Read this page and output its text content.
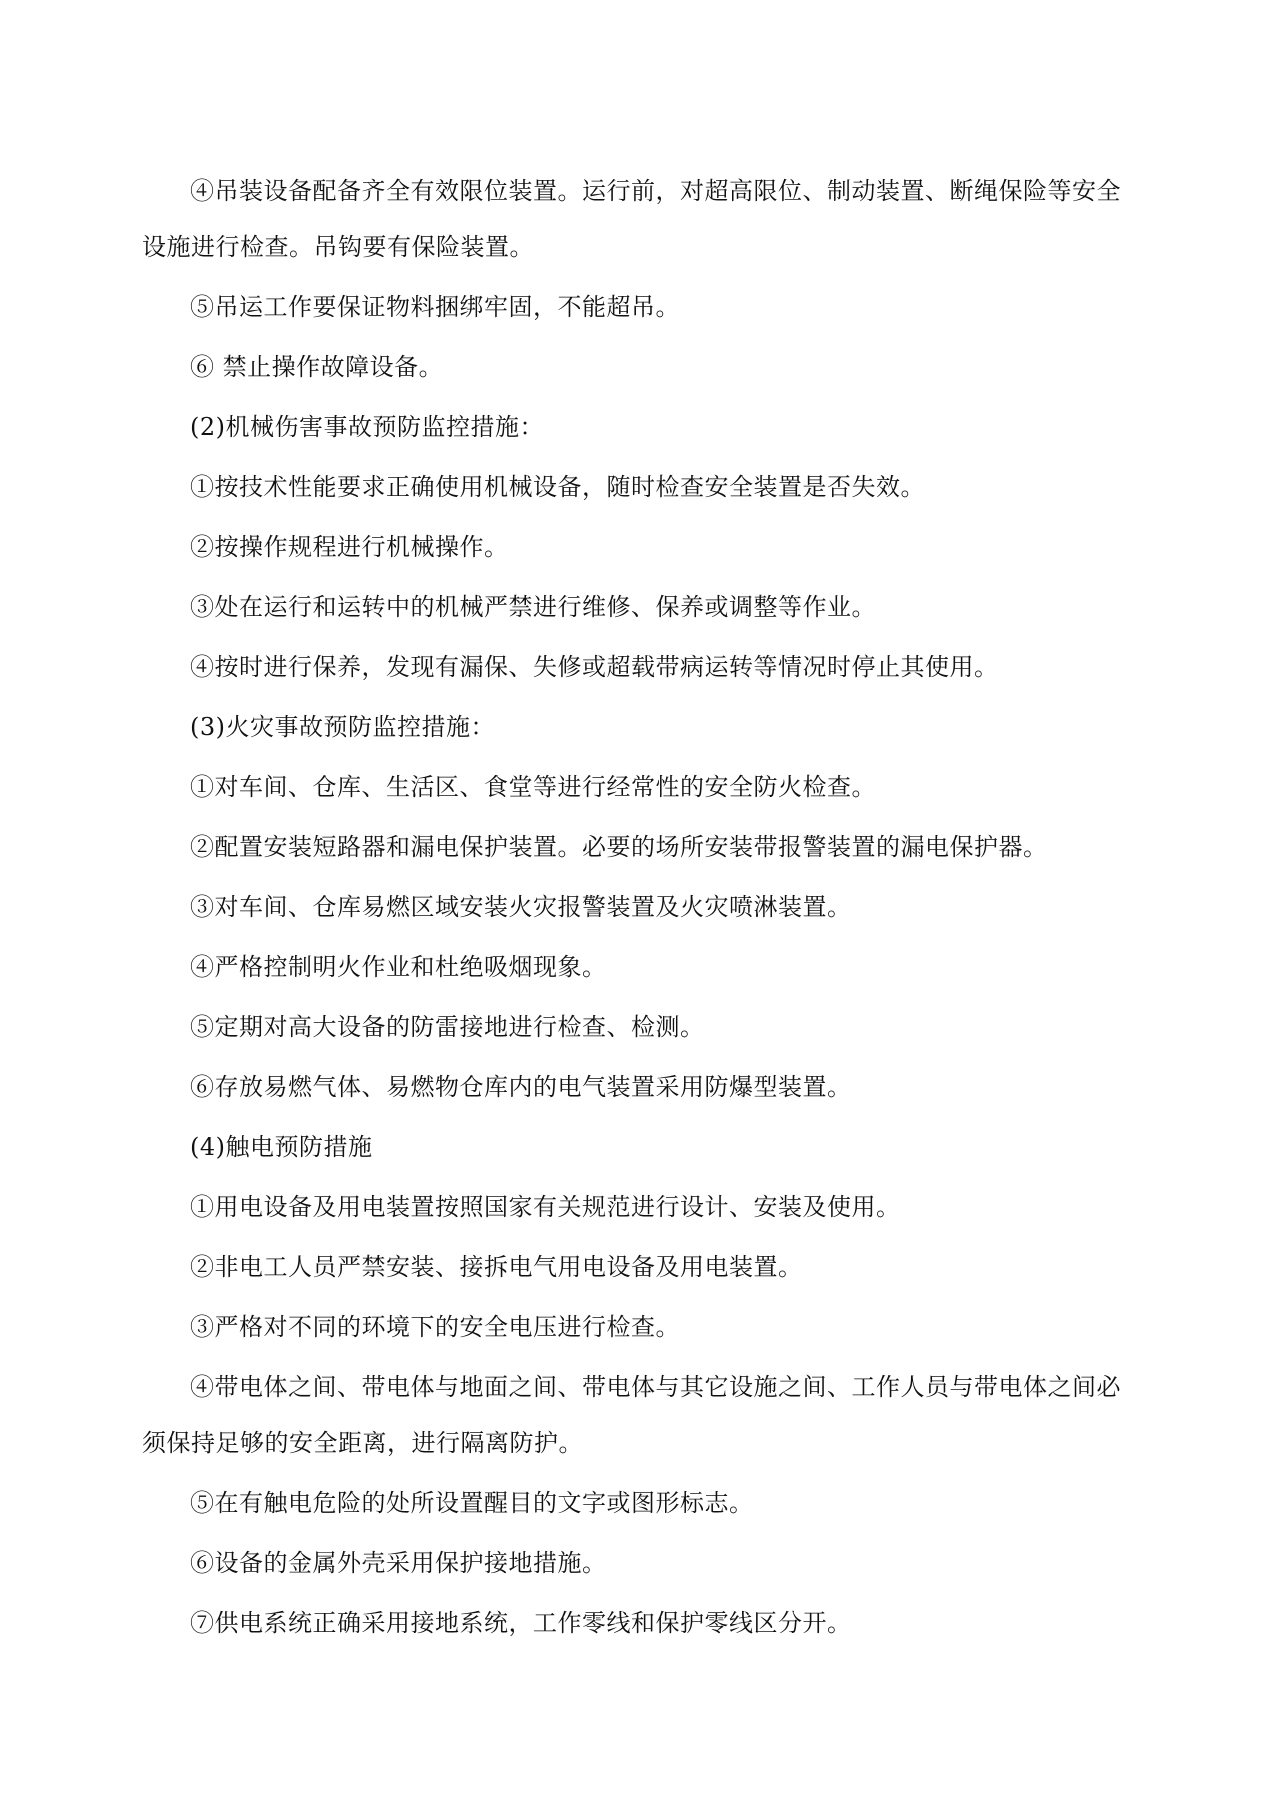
④吊装设备配备齐全有效限位装置。运行前，对超高限位、制动装置、断绳保险等安全设施进行检查。吊钩要有保险装置。

⑤吊运工作要保证物料捆绑牢固，不能超吊。

⑥ 禁止操作故障设备。

(2)机械伤害事故预防监控措施：

①按技术性能要求正确使用机械设备，随时检查安全装置是否失效。

②按操作规程进行机械操作。

③处在运行和运转中的机械严禁进行维修、保养或调整等作业。

④按时进行保养，发现有漏保、失修或超载带病运转等情况时停止其使用。

(3)火灾事故预防监控措施：

①对车间、仓库、生活区、食堂等进行经常性的安全防火检查。

②配置安装短路器和漏电保护装置。必要的场所安装带报警装置的漏电保护器。

③对车间、仓库易燃区域安装火灾报警装置及火灾喷淋装置。

④严格控制明火作业和杜绝吸烟现象。

⑤定期对高大设备的防雷接地进行检查、检测。

⑥存放易燃气体、易燃物仓库内的电气装置采用防爆型装置。

(4)触电预防措施

①用电设备及用电装置按照国家有关规范进行设计、安装及使用。

②非电工人员严禁安装、接拆电气用电设备及用电装置。

③严格对不同的环境下的安全电压进行检查。

④带电体之间、带电体与地面之间、带电体与其它设施之间、工作人员与带电体之间必须保持足够的安全距离，进行隔离防护。

⑤在有触电危险的处所设置醒目的文字或图形标志。

⑥设备的金属外壳采用保护接地措施。

⑦供电系统正确采用接地系统，工作零线和保护零线区分开。
